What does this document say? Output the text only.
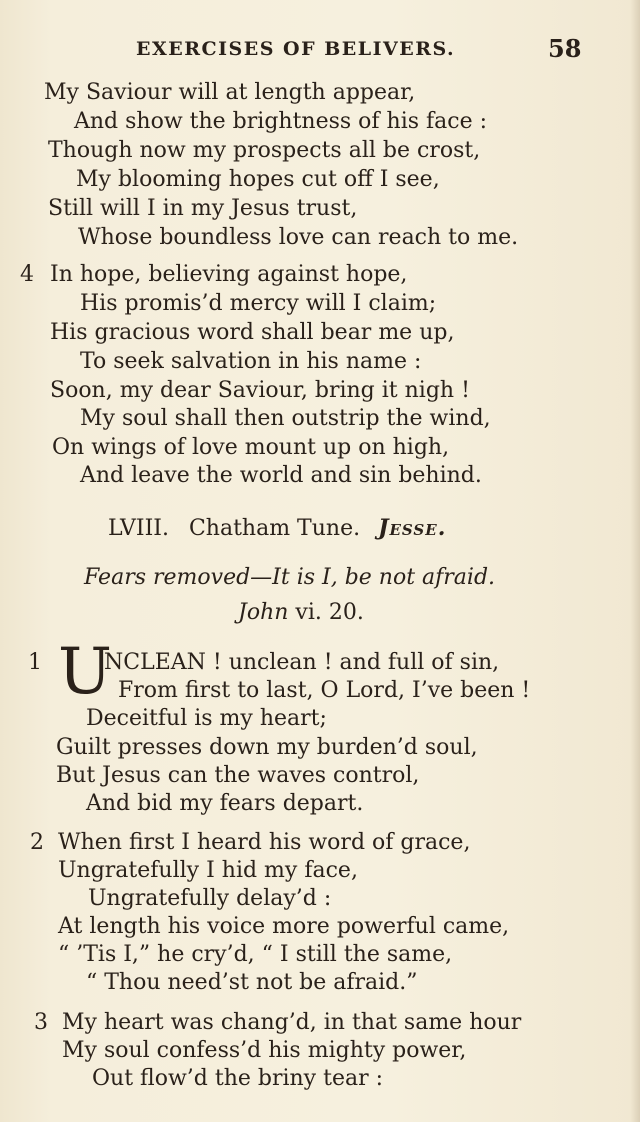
EXERCISES OF BELIVERS.	58
My Saviour will at length appear,
And show the brightness of his face :
Though now my prospects all be crost,
My blooming hopes cut off I see,
Still will I in my Jesus trust,
Whose boundless love can reach to me.
4 In hope, believing against hope,
His promis’d mercy will I claim;
His gracious word shall bear me up,
To seek salvation in his name :
Soon, my dear Saviour, bring it nigh !
My soul shall then outstrip the wind,
On wings of love mount up on high,
And leave the world and sin behind.
LVIII. Chatham Tune. Jesse.
Fears removed—It is I, be not afraid.
John vi. 20.
1 U
NCLEAN ! unclean ! and full of sin,
From first to last, O Lord, I’ve been !
Deceitful is my heart;
Guilt presses down my burden’d soul,
But Jesus can the waves control,
And bid my fears depart.
2 When first I heard his word of grace,
Ungratefully I hid my face,
Ungratefully delay’d :
At length his voice more powerful came,
“ ’Tis I,” he cry’d, “ I still the same,
“ Thou need’st not be afraid.”
3 My heart was chang’d, in that same hour
My soul confess’d his mighty power,
Out flow’d the briny tear :
